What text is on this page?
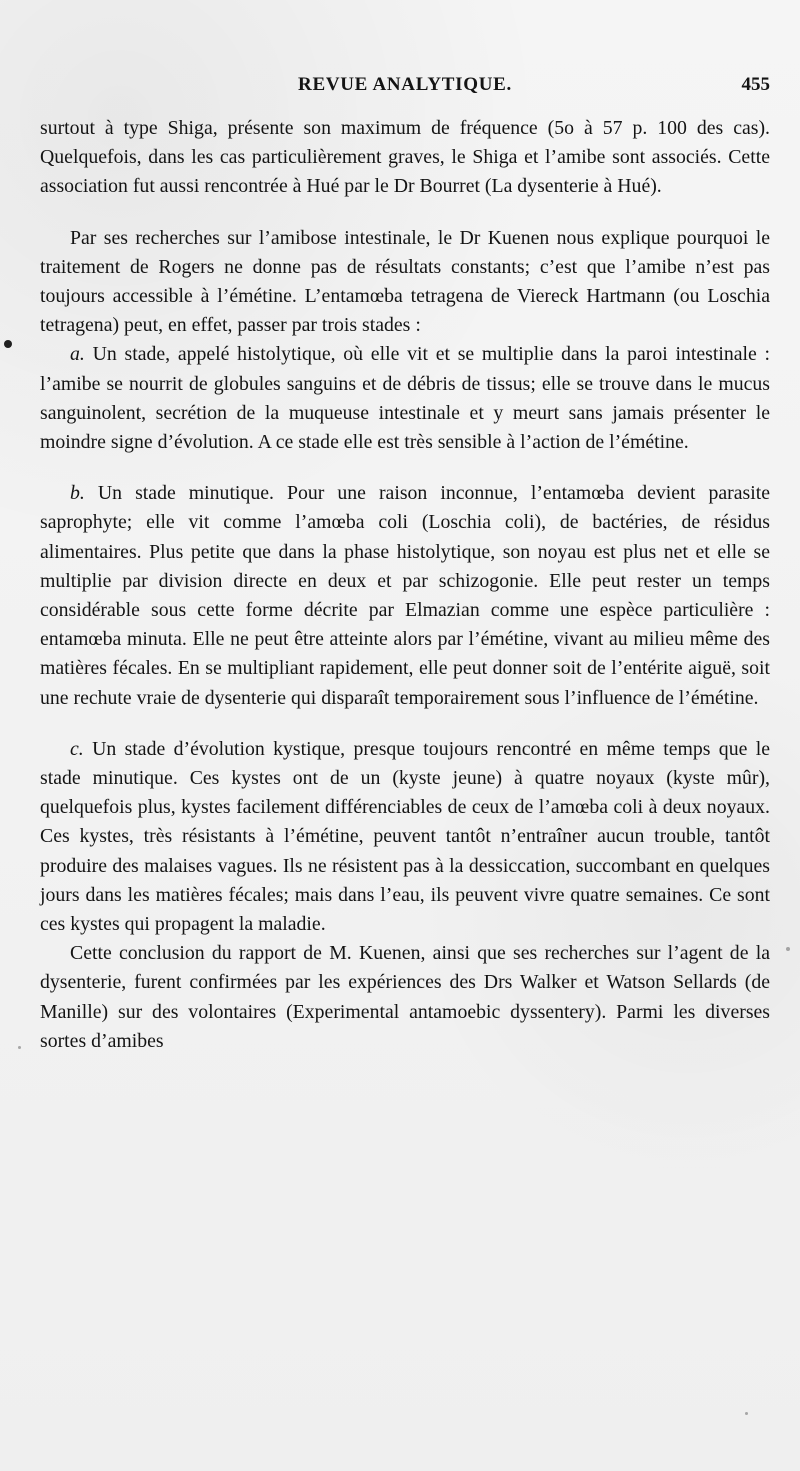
REVUE ANALYTIQUE.	455

surtout à type Shiga, présente son maximum de fréquence (5o à 57 p. 100 des cas). Quelquefois, dans les cas particulièrement graves, le Shiga et l’amibe sont associés. Cette association fut aussi rencontrée à Hué par le Dr Bourret (La dysenterie à Hué).

Par ses recherches sur l’amibose intestinale, le Dr Kuenen nous explique pourquoi le traitement de Rogers ne donne pas de résultats constants; c’est que l’amibe n’est pas toujours accessible à l’émétine. L’entamœba tetragena de Viereck Hartmann (ou Loschia tetragena) peut, en effet, passer par trois stades :

a. Un stade, appelé histolytique, où elle vit et se multiplie dans la paroi intestinale : l’amibe se nourrit de globules sanguins et de débris de tissus; elle se trouve dans le mucus sanguinolent, secrétion de la muqueuse intestinale et y meurt sans jamais présenter le moindre signe d’évolution. A ce stade elle est très sensible à l’action de l’émétine.

b. Un stade minutique. Pour une raison inconnue, l’entamœba devient parasite saprophyte; elle vit comme l’amœba coli (Loschia coli), de bactéries, de résidus alimentaires. Plus petite que dans la phase histolytique, son noyau est plus net et elle se multiplie par division directe en deux et par schizogonie. Elle peut rester un temps considérable sous cette forme décrite par Elmazian comme une espèce particulière : entamœba minuta. Elle ne peut être atteinte alors par l’émétine, vivant au milieu même des matières fécales. En se multipliant rapidement, elle peut donner soit de l’entérite aiguë, soit une rechute vraie de dysenterie qui disparaît temporairement sous l’influence de l’émétine.

c. Un stade d’évolution kystique, presque toujours rencontré en même temps que le stade minutique. Ces kystes ont de un (kyste jeune) à quatre noyaux (kyste mûr), quelquefois plus, kystes facilement différenciables de ceux de l’amœba coli à deux noyaux. Ces kystes, très résistants à l’émétine, peuvent tantôt n’entraîner aucun trouble, tantôt produire des malaises vagues. Ils ne résistent pas à la dessiccation, succombant en quelques jours dans les matières fécales; mais dans l’eau, ils peuvent vivre quatre semaines. Ce sont ces kystes qui propagent la maladie.

Cette conclusion du rapport de M. Kuenen, ainsi que ses recherches sur l’agent de la dysenterie, furent confirmées par les expériences des Drs Walker et Watson Sellards (de Manille) sur des volontaires (Experimental antamoebic dyssentery). Parmi les diverses sortes d’amibes
